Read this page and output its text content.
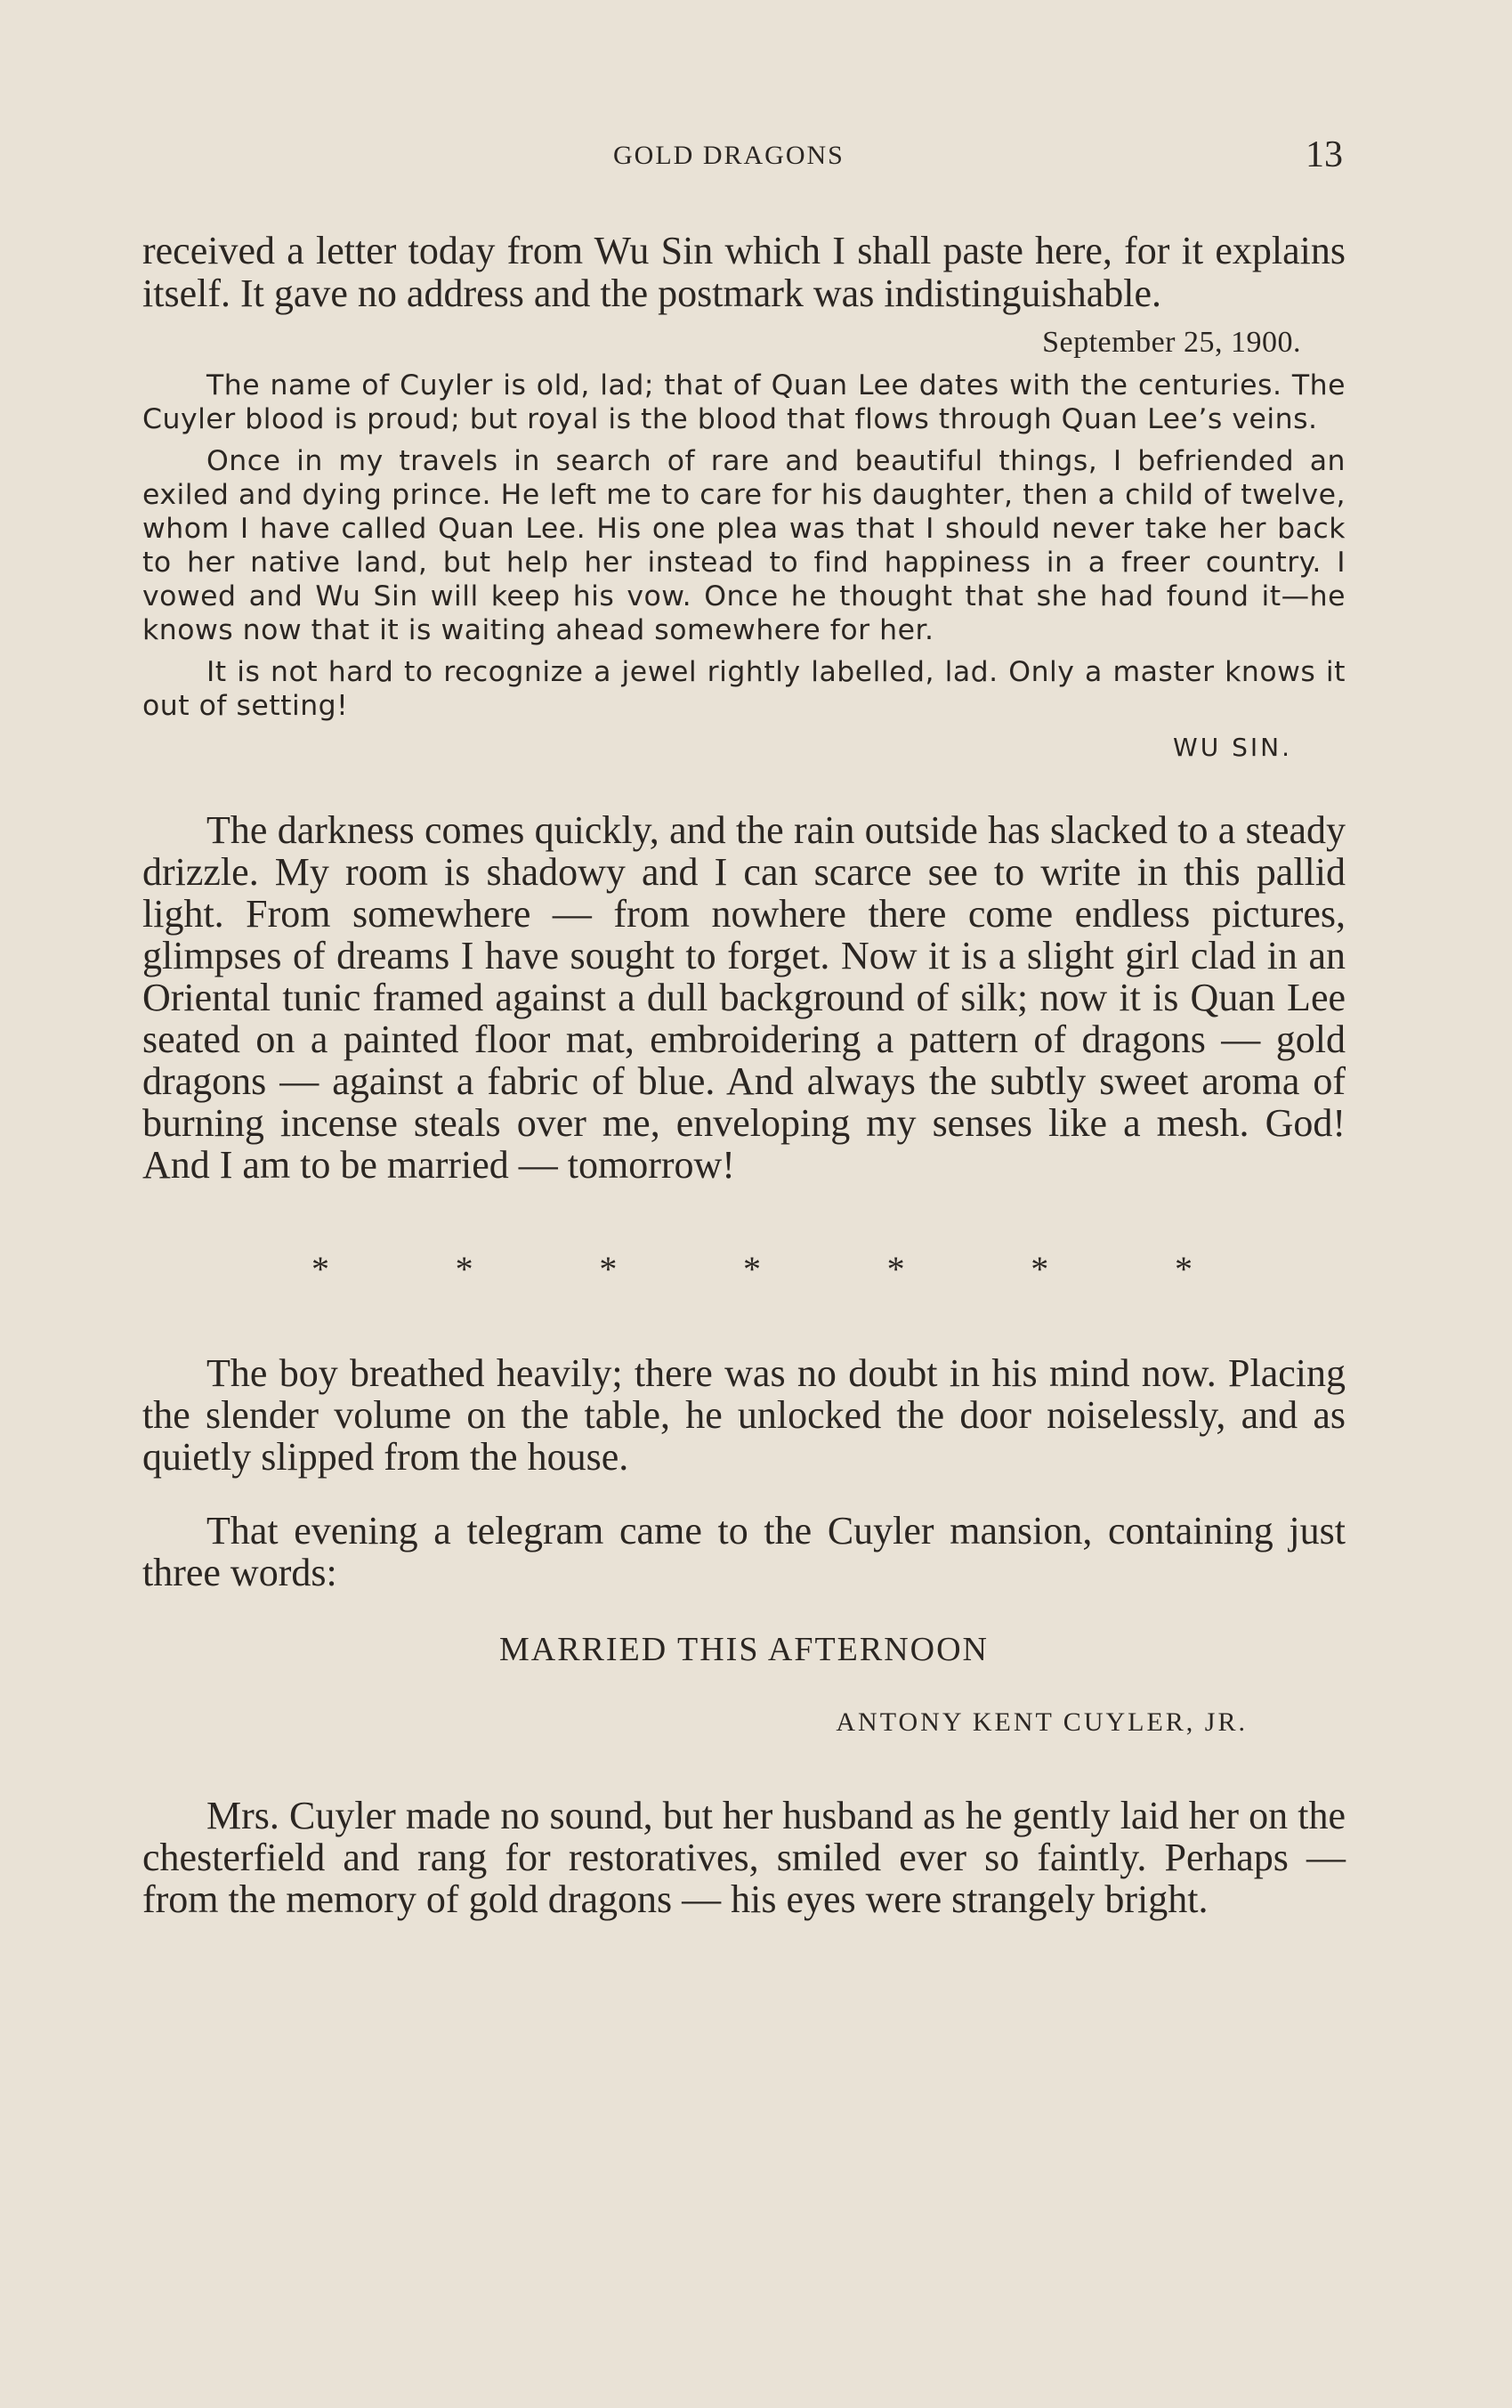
GOLD DRAGONS	13

received a letter today from Wu Sin which I shall paste here, for it explains itself. It gave no address and the postmark was indistinguishable.

September 25, 1900.

The name of Cuyler is old, lad; that of Quan Lee dates with the centuries. The Cuyler blood is proud; but royal is the blood that flows through Quan Lee’s veins.

Once in my travels in search of rare and beautiful things, I befriended an exiled and dying prince. He left me to care for his daughter, then a child of twelve, whom I have called Quan Lee. His one plea was that I should never take her back to her native land, but help her instead to find happiness in a freer country. I vowed and Wu Sin will keep his vow. Once he thought that she had found it—he knows now that it is waiting ahead somewhere for her.

It is not hard to recognize a jewel rightly labelled, lad. Only a master knows it out of setting!

WU SIN.

The darkness comes quickly, and the rain outside has slacked to a steady drizzle. My room is shadowy and I can scarce see to write in this pallid light. From somewhere — from nowhere there come endless pictures, glimpses of dreams I have sought to forget. Now it is a slight girl clad in an Oriental tunic framed against a dull background of silk; now it is Quan Lee seated on a painted floor mat, embroidering a pattern of dragons — gold dragons — against a fabric of blue. And always the subtly sweet aroma of burning incense steals over me, enveloping my senses like a mesh. God! And I am to be married — tomorrow!

*	*	*	*	*	*	*

The boy breathed heavily; there was no doubt in his mind now. Placing the slender volume on the table, he unlocked the door noiselessly, and as quietly slipped from the house.

That evening a telegram came to the Cuyler mansion, containing just three words:

MARRIED THIS AFTERNOON
ANTONY KENT CUYLER, JR.

Mrs. Cuyler made no sound, but her husband as he gently laid her on the chesterfield and rang for restoratives, smiled ever so faintly. Perhaps — from the memory of gold dragons — his eyes were strangely bright.
